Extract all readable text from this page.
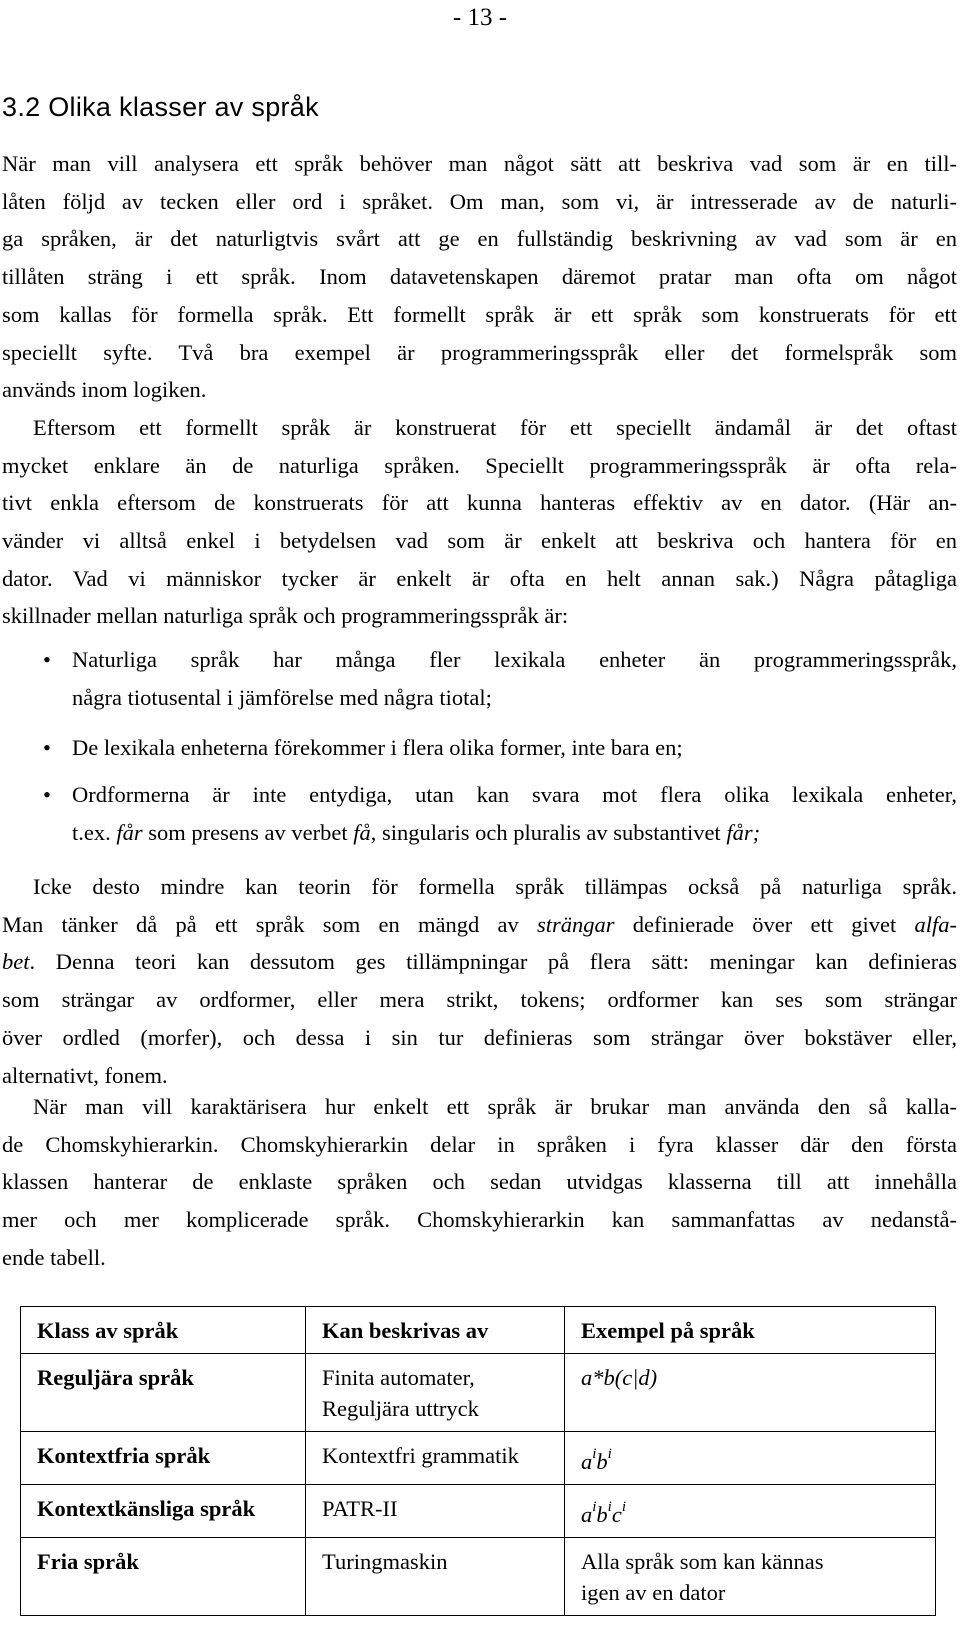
- 13 -
3.2 Olika klasser av språk

När man vill analysera ett språk behöver man något sätt att beskriva vad som är en till-
låten följd av tecken eller ord i språket. Om man, som vi, är intresserade av de naturli-
ga språken, är det naturligtvis svårt att ge en fullständig beskrivning av vad som är en
tillåten sträng i ett språk. Inom datavetenskapen däremot pratar man ofta om något
som kallas för formella språk. Ett formellt språk är ett språk som konstruerats för ett
speciellt syfte. Två bra exempel är programmeringsspråk eller det formelspråk som
används inom logiken.

Eftersom ett formellt språk är konstruerat för ett speciellt ändamål är det oftast
mycket enklare än de naturliga språken. Speciellt programmeringsspråk är ofta rela-
tivt enkla eftersom de konstruerats för att kunna hanteras effektiv av en dator. (Här an-
vänder vi alltså enkel i betydelsen vad som är enkelt att beskriva och hantera för en
dator. Vad vi människor tycker är enkelt är ofta en helt annan sak.) Några påtagliga
skillnader mellan naturliga språk och programmeringsspråk är:

• Naturliga språk har många fler lexikala enheter än programmeringsspråk,
några tiotusental i jämförelse med några tiotal;
• De lexikala enheterna förekommer i flera olika former, inte bara en;
• Ordformerna är inte entydiga, utan kan svara mot flera olika lexikala enheter,
t.ex. får som presens av verbet få, singularis och pluralis av substantivet får;

Icke desto mindre kan teorin för formella språk tillämpas också på naturliga språk.
Man tänker då på ett språk som en mängd av strängar definierade över ett givet alfa-
bet. Denna teori kan dessutom ges tillämpningar på flera sätt: meningar kan definieras
som strängar av ordformer, eller mera strikt, tokens; ordformer kan ses som strängar
över ordled (morfer), och dessa i sin tur definieras som strängar över bokstäver eller,
alternativt, fonem.

När man vill karaktärisera hur enkelt ett språk är brukar man använda den så kalla-
de Chomskyhierarkin. Chomskyhierarkin delar in språken i fyra klasser där den första
klassen hanterar de enklaste språken och sedan utvidgas klasserna till att innehålla
mer och mer komplicerade språk. Chomskyhierarkin kan sammanfattas av nedanstå-
ende tabell.

Klass av språk	Kan beskrivas av	Exempel på språk

Reguljära språk	Finita automater,
Reguljära uttryck	a*b(c|d)

Kontextfria språk	Kontextfri grammatik	$a^ib^i$

Kontextkänsliga språk	PATR-II	$a^ib^ic^i$

Fria språk	Turingmaskin	Alla språk som kan kännas
igen av en dator
